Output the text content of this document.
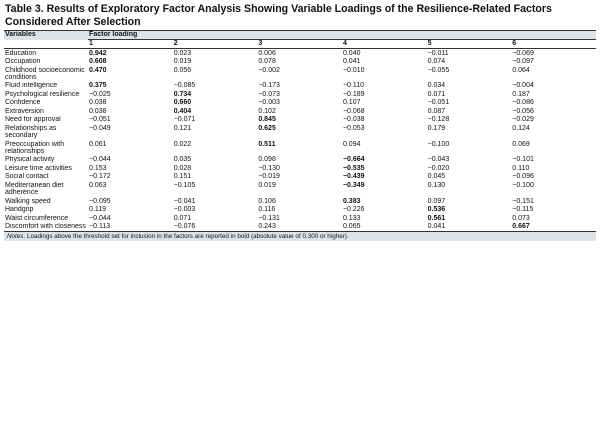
Table 3. Results of Exploratory Factor Analysis Showing Variable Loadings of the Resilience-Related Factors Considered After Selection
Variables	Factor loading					
	1	2	3	4	5	6
Education	0.942	0.023	0.006	0.040	−0.011	−0.069
Occupation	0.608	0.019	0.078	0.041	0.074	−0.097
Childhood socioeconomic conditions	0.470	0.056	−0.002	−0.010	−0.055	0.064
Fluid intelligence	0.375	−0.085	−0.173	−0.110	0.034	−0.004
Psychological resilience	−0.025	0.734	−0.073	−0.189	0.071	0.187
Confidence	0.038	0.660	−0.003	0.107	−0.051	−0.086
Extraversion	0.038	0.404	0.102	−0.068	0.087	−0.056
Need for approval	−0.051	−0.071	0.845	−0.038	−0.128	−0.029
Relationships as secondary	−0.049	0.121	0.625	−0.053	0.179	0.124
Preoccupation with relationships	0.061	0.022	0.511	0.094	−0.100	0.069
Physical activity	−0.044	0.035	0.098	−0.664	−0.043	−0.101
Leisure time activities	0.153	0.028	−0.130	−0.535	−0.020	0.110
Social contact	−0.172	0.151	−0.019	−0.439	0.045	−0.096
Mediterranean diet adherence	0.063	−0.105	0.019	−0.349	0.130	−0.100
Walking speed	−0.095	−0.041	0.106	0.383	0.097	−0.151
Handgrip	0.119	−0.003	0.116	−0.226	0.536	−0.115
Waist circumference	−0.044	0.071	−0.131	0.133	0.561	0.073
Discomfort with closeness	−0.113	−0.076	0.243	0.065	0.041	0.667
Notes. Loadings above the threshold set for inclusion in the factors are reported in bold (absolute value of 0.300 or higher).						
